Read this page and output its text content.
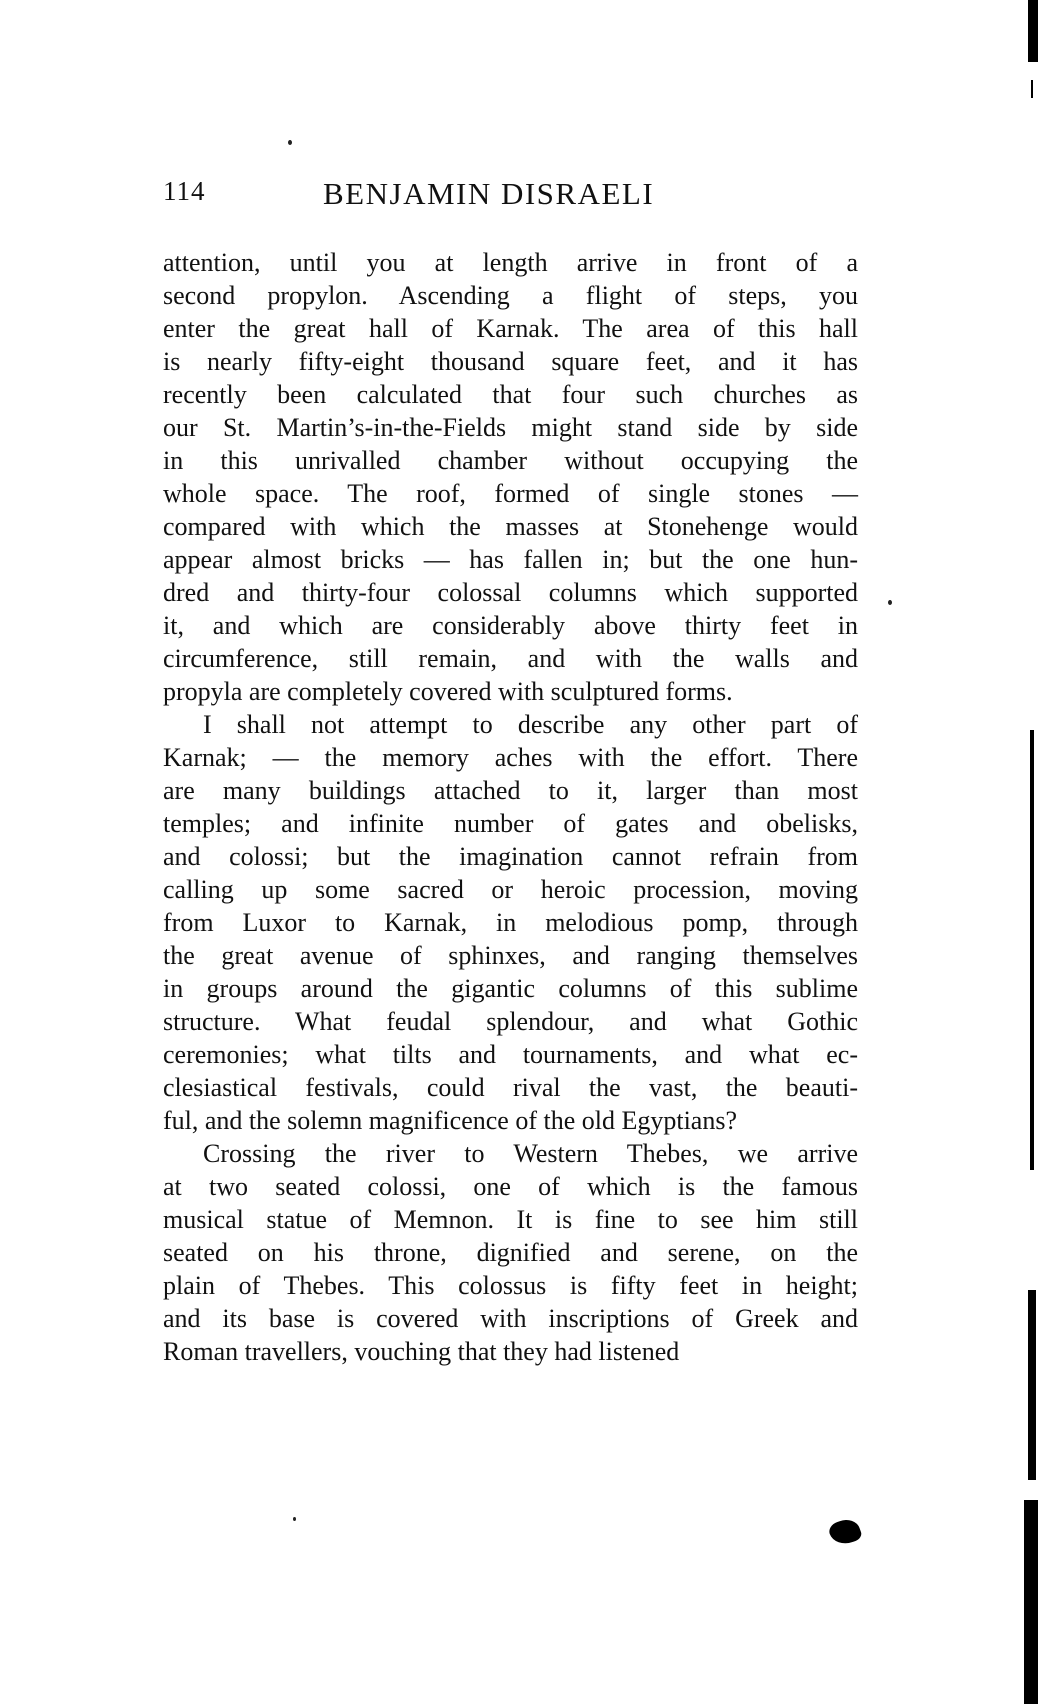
114	BENJAMIN DISRAELI
attention, until you at length arrive in front of a
second propylon. Ascending a flight of steps, you
enter the great hall of Karnak. The area of this hall
is nearly fifty-eight thousand square feet, and it has
recently been calculated that four such churches as
our St. Martin’s-in-the-Fields might stand side by side
in this unrivalled chamber without occupying the
whole space. The roof, formed of single stones —
compared with which the masses at Stonehenge would
appear almost bricks — has fallen in; but the one hun-
dred and thirty-four colossal columns which supported
it, and which are considerably above thirty feet in
circumference, still remain, and with the walls and
propyla are completely covered with sculptured forms.
I shall not attempt to describe any other part of
Karnak; — the memory aches with the effort. There
are many buildings attached to it, larger than most
temples; and infinite number of gates and obelisks,
and colossi; but the imagination cannot refrain from
calling up some sacred or heroic procession, moving
from Luxor to Karnak, in melodious pomp, through
the great avenue of sphinxes, and ranging themselves
in groups around the gigantic columns of this sublime
structure. What feudal splendour, and what Gothic
ceremonies; what tilts and tournaments, and what ec-
clesiastical festivals, could rival the vast, the beauti-
ful, and the solemn magnificence of the old Egyptians?
Crossing the river to Western Thebes, we arrive
at two seated colossi, one of which is the famous
musical statue of Memnon. It is fine to see him still
seated on his throne, dignified and serene, on the
plain of Thebes. This colossus is fifty feet in height;
and its base is covered with inscriptions of Greek and
Roman travellers, vouching that they had listened
